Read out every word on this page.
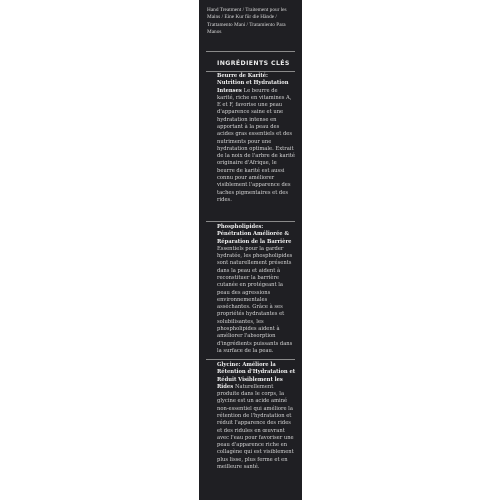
Hand Treatment / Traitement pour les Mains / Eine Kur für die Hände / Trattamento Mani / Tratamiento Para Manos

INGRÉDIENTS CLÉS
Beurre de Karité: Nutrition et Hydratation Intenses Le beurre de karité, riche en vitamines A, E et F, favorise une peau d'apparence saine et une hydratation intense en apportant à la peau des acides gras essentiels et des nutriments pour une hydratation optimale. Extrait de la noix de l'arbre de karité originaire d'Afrique, le beurre de karité est aussi connu pour améliorer visiblement l'apparence des taches pigmentaires et des rides.
Phospholipides: Pénétration Améliorée & Réparation de la Barrière Essentiels pour la garder hydratée, les phospholipides sont naturellement présents dans la peau et aident à reconstituer la barrière cutanée en protégeant la peau des agressions environnementales asséchantes. Grâce à ses propriétés hydratantes et solubilisantes, les phospholipides aident à améliorer l'absorption d'ingrédients puissants dans la surface de la peau.
Glycine: Améliore la Rétention d'Hydratation et Réduit Visiblement les Rides Naturellement produite dans le corps, la glycine est un acide aminé non-essentiel qui améliore la rétention de l'hydratation et réduit l'apparence des rides et des ridules en œuvrant avec l'eau pour favoriser une peau d'apparence riche en collagène qui est visiblement plus lisse, plus ferme et en meilleure santé.
